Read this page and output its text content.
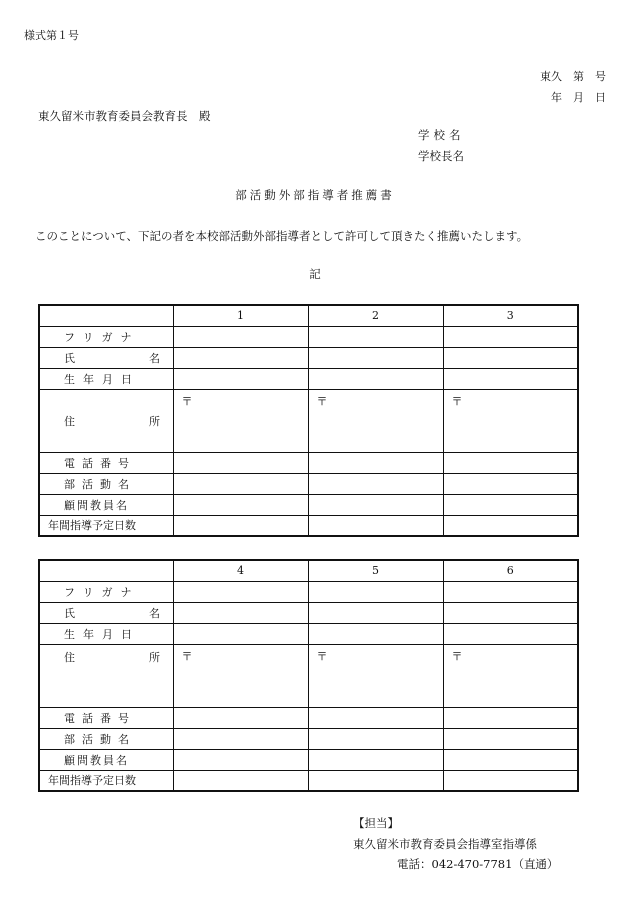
様式第１号
東久　第　号
年　月　日
東久留米市教育委員会教育長　殿
学校名
学校長名
部活動外部指導者推薦書
このことについて、下記の者を本校部活動外部指導者として許可して頂きたく推薦いたします。
記
	1	2	3
フリガナ			

氏 名			

生年月日			

住 所	〒	〒	〒
電話番号			
部活動名			
顧問教員名			
年間指導予定日数			
	4	5	6
フリガナ			

氏 名			

生年月日			

住 所	〒	〒	〒
電話番号			
部活動名			
顧問教員名			
年間指導予定日数			
【担当】
東久留米市教育委員会指導室指導係
電話：042-470-7781（直通）
